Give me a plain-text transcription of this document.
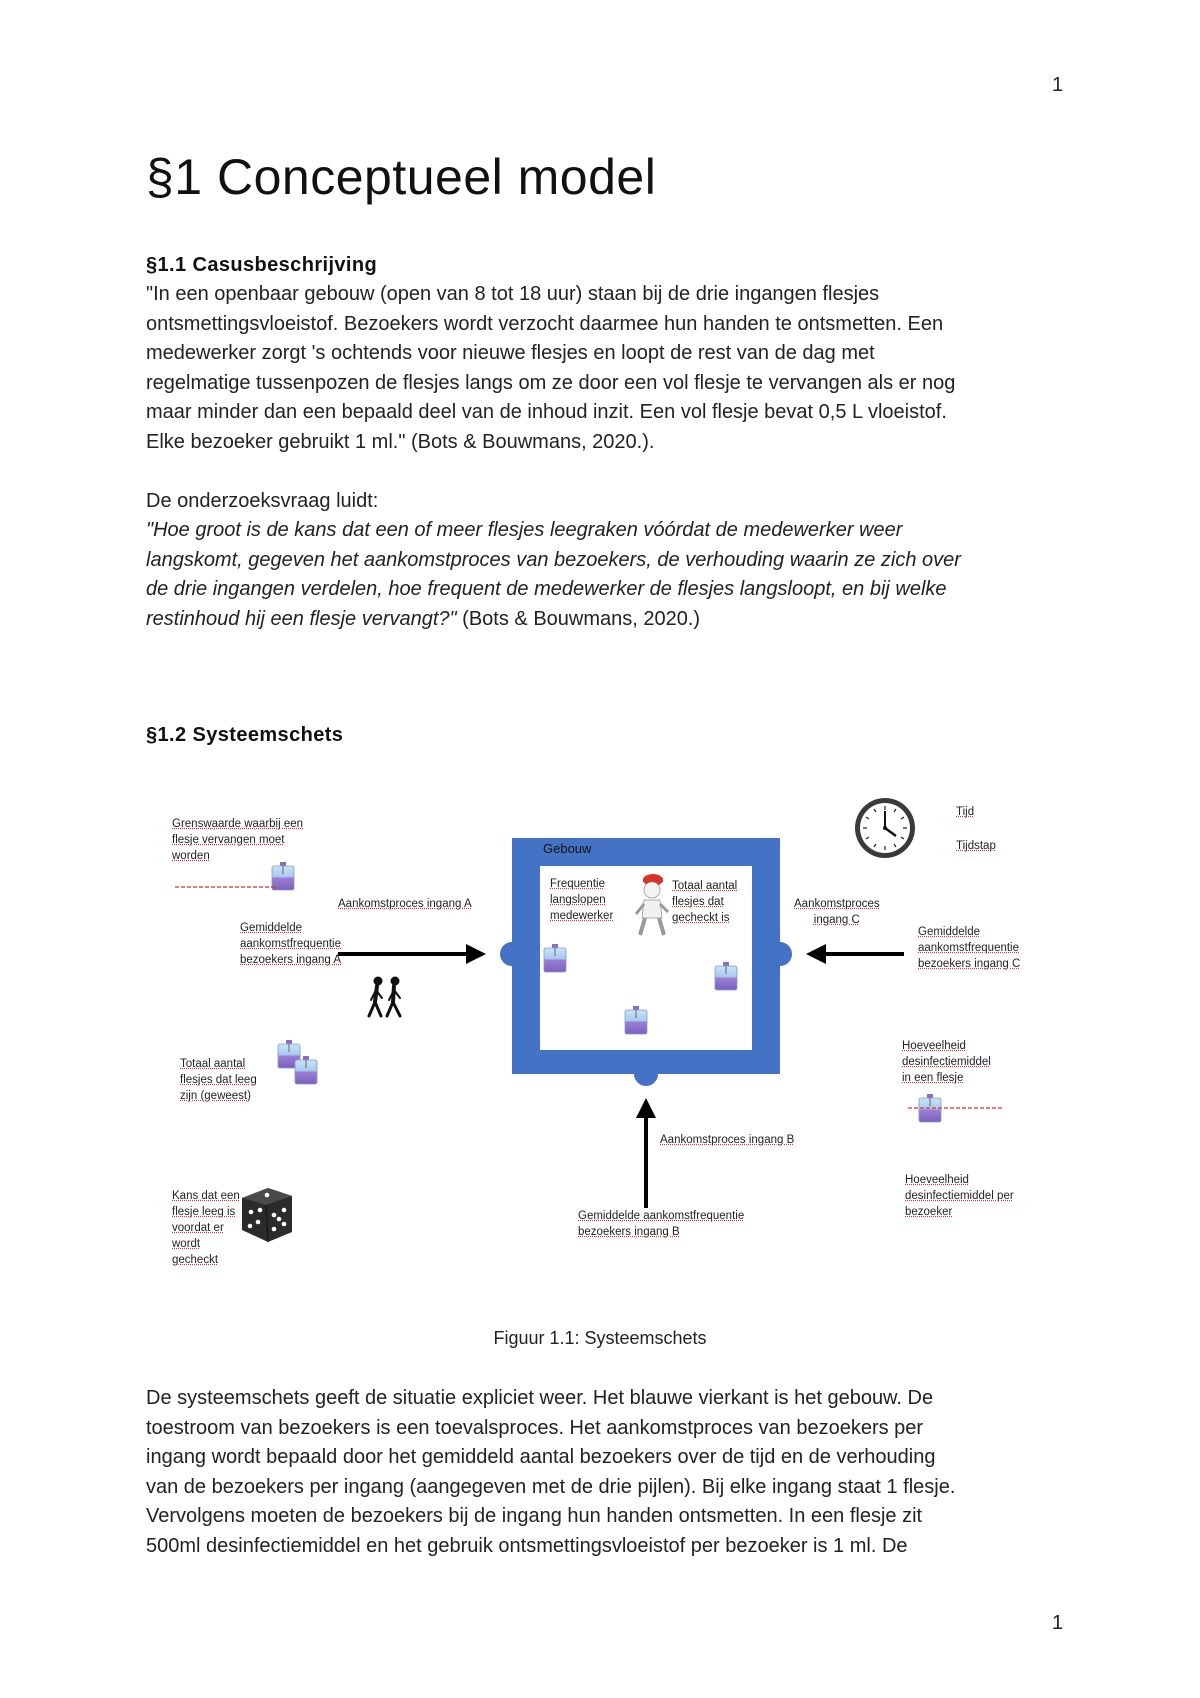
1
1
§1 Conceptueel model
§1.1 Casusbeschrijving
"In een openbaar gebouw (open van 8 tot 18 uur) staan bij de drie ingangen flesjes
ontsmettingsvloeistof. Bezoekers wordt verzocht daarmee hun handen te ontsmetten. Een
medewerker zorgt 's ochtends voor nieuwe flesjes en loopt de rest van de dag met
regelmatige tussenpozen de flesjes langs om ze door een vol flesje te vervangen als er nog
maar minder dan een bepaald deel van de inhoud inzit. Een vol flesje bevat 0,5 L vloeistof.
Elke bezoeker gebruikt 1 ml." (Bots & Bouwmans, 2020.).
De onderzoeksvraag luidt:
"Hoe groot is de kans dat een of meer flesjes leegraken vóórdat de medewerker weer
langskomt, gegeven het aankomstproces van bezoekers, de verhouding waarin ze zich over
de drie ingangen verdelen, hoe frequent de medewerker de flesjes langsloopt, en bij welke
restinhoud hij een flesje vervangt?" (Bots & Bouwmans, 2020.)
§1.2 Systeemschets
Gebouw
Grenswaarde waarbij een
flesje vervangen moet
worden
Aankomstproces ingang A
Gemiddelde
aankomstfrequentie
bezoekers ingang A
Totaal aantal
flesjes dat leeg
zijn (geweest)
Kans dat een
flesje leeg is
voordat er
wordt
gecheckt
Frequentie
langslopen
medewerker
Totaal aantal
flesjes dat
gecheckt is
Aankomstproces
ingang C
Gemiddelde
aankomstfrequentie
bezoekers ingang C
Hoeveelheid
desinfectiemiddel
in een flesje
Hoeveelheid
desinfectiemiddel per
bezoeker
Aankomstproces ingang B
Gemiddelde aankomstfrequentie
bezoekers ingang B
Tijd
Tijdstap
Figuur 1.1: Systeemschets
De systeemschets geeft de situatie expliciet weer. Het blauwe vierkant is het gebouw. De
toestroom van bezoekers is een toevalsproces. Het aankomstproces van bezoekers per
ingang wordt bepaald door het gemiddeld aantal bezoekers over de tijd en de verhouding
van de bezoekers per ingang (aangegeven met de drie pijlen). Bij elke ingang staat 1 flesje.
Vervolgens moeten de bezoekers bij de ingang hun handen ontsmetten. In een flesje zit
500ml desinfectiemiddel en het gebruik ontsmettingsvloeistof per bezoeker is 1 ml. De
